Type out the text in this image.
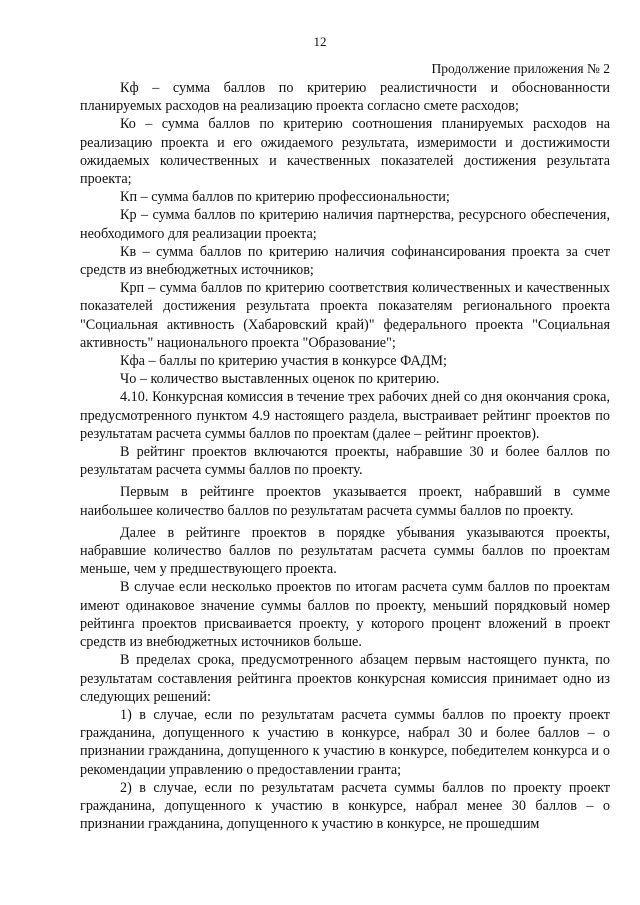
12
Продолжение приложения № 2

Кф – сумма баллов по критерию реалистичности и обоснованности планируемых расходов на реализацию проекта согласно смете расходов;

Ко – сумма баллов по критерию соотношения планируемых расходов на реализацию проекта и его ожидаемого результата, измеримости и достижимости ожидаемых количественных и качественных показателей достижения результата проекта;

Кп – сумма баллов по критерию профессиональности;

Кр – сумма баллов по критерию наличия партнерства, ресурсного обеспечения, необходимого для реализации проекта;

Кв – сумма баллов по критерию наличия софинансирования проекта за счет средств из внебюджетных источников;

Крп – сумма баллов по критерию соответствия количественных и качественных показателей достижения результата проекта показателям регионального проекта "Социальная активность (Хабаровский край)" федерального проекта "Социальная активность" национального проекта "Образование";

Кфа – баллы по критерию участия в конкурсе ФАДМ;

Чо – количество выставленных оценок по критерию.

4.10. Конкурсная комиссия в течение трех рабочих дней со дня окончания срока, предусмотренного пунктом 4.9 настоящего раздела, выстраивает рейтинг проектов по результатам расчета суммы баллов по проектам (далее – рейтинг проектов).

В рейтинг проектов включаются проекты, набравшие 30 и более баллов по результатам расчета суммы баллов по проекту.

Первым в рейтинге проектов указывается проект, набравший в сумме наибольшее количество баллов по результатам расчета суммы баллов по проекту.

Далее в рейтинге проектов в порядке убывания указываются проекты, набравшие количество баллов по результатам расчета суммы баллов по проектам меньше, чем у предшествующего проекта.

В случае если несколько проектов по итогам расчета сумм баллов по проектам имеют одинаковое значение суммы баллов по проекту, меньший порядковый номер рейтинга проектов присваивается проекту, у которого процент вложений в проект средств из внебюджетных источников больше.

В пределах срока, предусмотренного абзацем первым настоящего пункта, по результатам составления рейтинга проектов конкурсная комиссия принимает одно из следующих решений:

1) в случае, если по результатам расчета суммы баллов по проекту проект гражданина, допущенного к участию в конкурсе, набрал 30 и более баллов – о признании гражданина, допущенного к участию в конкурсе, победителем конкурса и о рекомендации управлению о предоставлении гранта;

2) в случае, если по результатам расчета суммы баллов по проекту проект гражданина, допущенного к участию в конкурсе, набрал менее 30 баллов – о признании гражданина, допущенного к участию в конкурсе, не прошедшим
